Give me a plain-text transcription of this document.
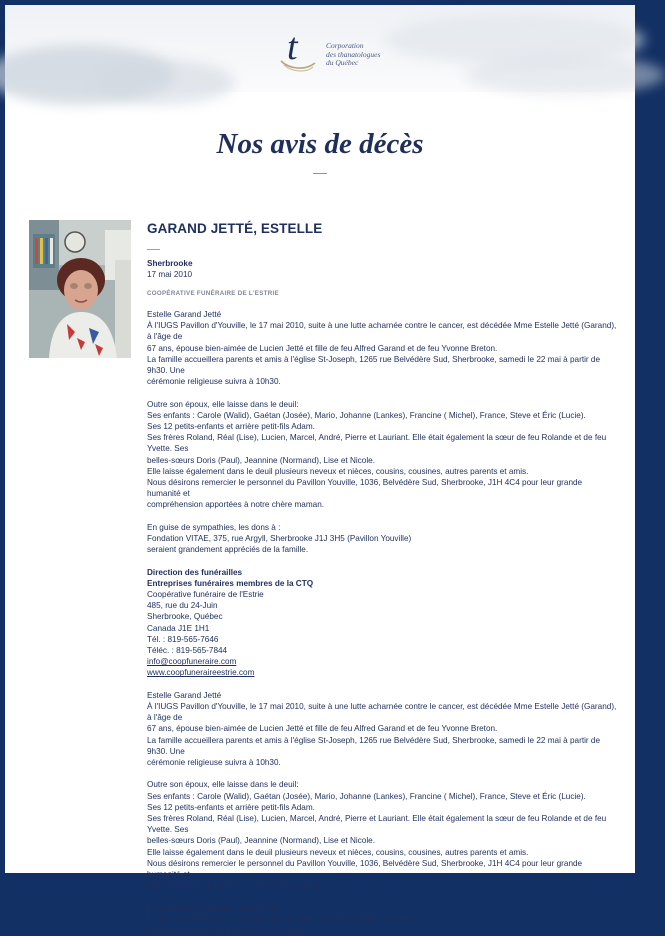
t	Corporation
des thanatologues
du Québec
Nos avis de décès
GARAND JETTÉ, ESTELLE
Sherbrooke
17 mai 2010
COOPÉRATIVE FUNÉRAIRE DE L'ESTRIE

Estelle Garand Jetté

À l'IUGS Pavillon d'Youville, le 17 mai 2010, suite à une lutte acharnée contre le cancer, est décédée Mme Estelle Jetté (Garand), à l'âge de

67 ans, épouse bien-aimée de Lucien Jetté et fille de feu Alfred Garand et de feu Yvonne Breton.

La famille accueillera parents et amis à l'église St-Joseph, 1265 rue Belvédère Sud, Sherbrooke, samedi le 22 mai à partir de 9h30. Une

cérémonie religieuse suivra à 10h30.

Outre son époux, elle laisse dans le deuil:

Ses enfants : Carole (Walid), Gaétan (Josée), Mario, Johanne (Lankes), Francine ( Michel), France, Steve et Éric (Lucie).

Ses 12 petits-enfants et arrière petit-fils Adam.

Ses frères Roland, Réal (Lise), Lucien, Marcel, André, Pierre et Lauriant. Elle était également la sœur de feu Rolande et de feu Yvette. Ses

belles-sœurs Doris (Paul), Jeannine (Normand), Lise et Nicole.

Elle laisse également dans le deuil plusieurs neveux et nièces, cousins, cousines, autres parents et amis.

Nous désirons remercier le personnel du Pavillon Youville, 1036, Belvédère Sud, Sherbrooke, J1H 4C4 pour leur grande humanité et

compréhension apportées à notre chère maman.

En guise de sympathies, les dons à :

Fondation VITAE, 375, rue Argyll, Sherbrooke J1J 3H5 (Pavillon Youville)

seraient grandement appréciés de la famille.

Direction des funérailles

Entreprises funéraires membres de la CTQ

Coopérative funéraire de l'Estrie

485, rue du 24-Juin

Sherbrooke, Québec

Canada J1E 1H1

Tél. : 819-565-7646

Téléc. : 819-565-7844

info@coopfuneraire.com

www.coopfuneraireestrie.com

Estelle Garand Jetté

À l'IUGS Pavillon d'Youville, le 17 mai 2010, suite à une lutte acharnée contre le cancer, est décédée Mme Estelle Jetté (Garand), à l'âge de

67 ans, épouse bien-aimée de Lucien Jetté et fille de feu Alfred Garand et de feu Yvonne Breton.

La famille accueillera parents et amis à l'église St-Joseph, 1265 rue Belvédère Sud, Sherbrooke, samedi le 22 mai à partir de 9h30. Une

cérémonie religieuse suivra à 10h30.

Outre son époux, elle laisse dans le deuil:

Ses enfants : Carole (Walid), Gaétan (Josée), Mario, Johanne (Lankes), Francine ( Michel), France, Steve et Éric (Lucie).

Ses 12 petits-enfants et arrière petit-fils Adam.

Ses frères Roland, Réal (Lise), Lucien, Marcel, André, Pierre et Lauriant. Elle était également la sœur de feu Rolande et de feu Yvette. Ses

belles-sœurs Doris (Paul), Jeannine (Normand), Lise et Nicole.

Elle laisse également dans le deuil plusieurs neveux et nièces, cousins, cousines, autres parents et amis.

Nous désirons remercier le personnel du Pavillon Youville, 1036, Belvédère Sud, Sherbrooke, J1H 4C4 pour leur grande humanité et

compréhension apportées à notre chère maman.

En guise de sympathies, les dons à :

Fondation VITAE, 375, rue Argyll, Sherbrooke J1J 3H5 (Pavillon Youville)

seraient grandement appréciés de la famille.
